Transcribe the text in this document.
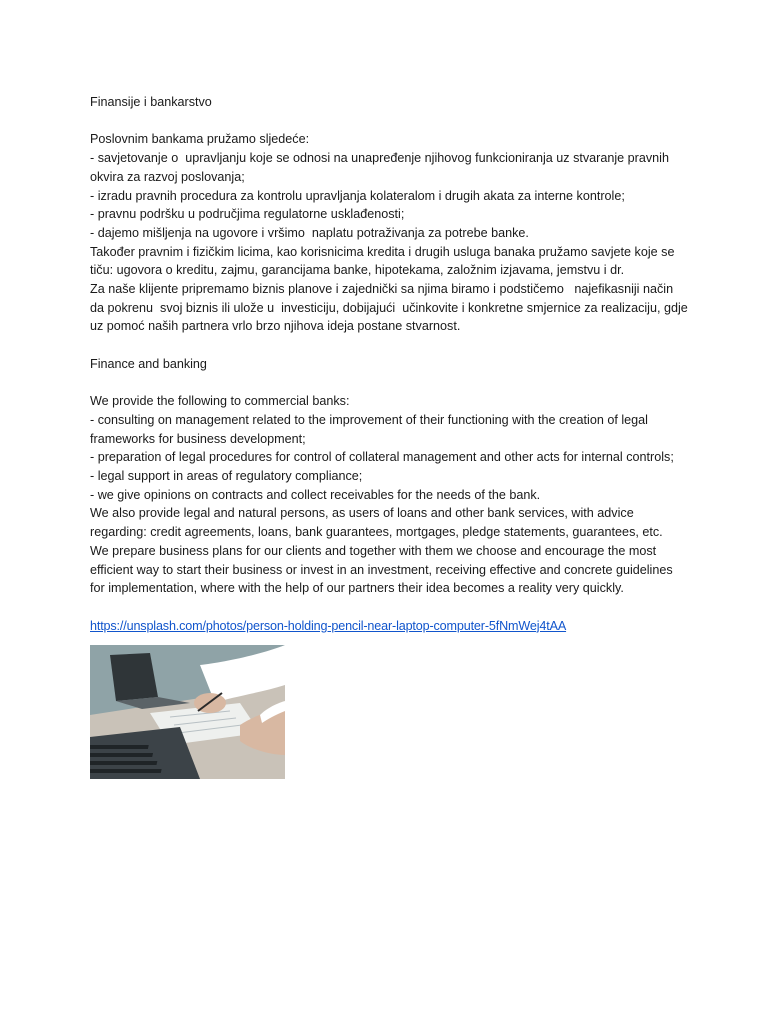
Finansije i bankarstvo

Poslovnim bankama pružamo sljedeće:

- savjetovanje o  upravljanju koje se odnosi na unapređenje njihovog funkcioniranja uz stvaranje pravnih okvira za razvoj poslovanja;

- izradu pravnih procedura za kontrolu upravljanja kolateralom i drugih akata za interne kontrole;

- pravnu podršku u područjima regulatorne usklađenosti;

- dajemo mišljenja na ugovore i vršimo  naplatu potraživanja za potrebe banke.

Također pravnim i fizičkim licima, kao korisnicima kredita i drugih usluga banaka pružamo savjete koje se tiču: ugovora o kreditu, zajmu, garancijama banke, hipotekama, založnim izjavama, jemstvu i dr.

Za naše klijente pripremamo biznis planove i zajednički sa njima biramo i podstičemo   najefikasniji način da pokrenu  svoj biznis ili ulože u  investiciju, dobijajući  učinkovite i konkretne smjernice za realizaciju, gdje uz pomoć naših partnera vrlo brzo njihova ideja postane stvarnost.

Finance and banking

We provide the following to commercial banks:

- consulting on management related to the improvement of their functioning with the creation of legal frameworks for business development;

- preparation of legal procedures for control of collateral management and other acts for internal controls;

- legal support in areas of regulatory compliance;

- we give opinions on contracts and collect receivables for the needs of the bank.

We also provide legal and natural persons, as users of loans and other bank services, with advice regarding: credit agreements, loans, bank guarantees, mortgages, pledge statements, guarantees, etc.

We prepare business plans for our clients and together with them we choose and encourage the most efficient way to start their business or invest in an investment, receiving effective and concrete guidelines for implementation, where with the help of our partners their idea becomes a reality very quickly.

https://unsplash.com/photos/person-holding-pencil-near-laptop-computer-5fNmWej4tAA
